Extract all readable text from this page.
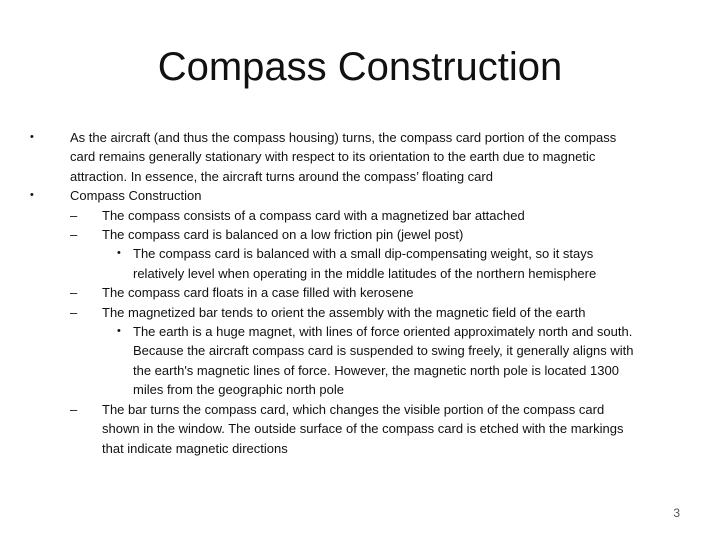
Compass Construction
•	As the aircraft (and thus the compass housing) turns, the compass card portion of the compass card remains generally stationary with respect to its orientation to the earth due to magnetic attraction. In essence, the aircraft turns around the compass’ floating card
•	Compass Construction
–	The compass consists of a compass card with a magnetized bar attached
–	The compass card is balanced on a low friction pin (jewel post)
• The compass card is balanced with a small dip-compensating weight, so it stays relatively level when operating in the middle latitudes of the northern hemisphere
–	The compass card floats in a case filled with kerosene
–	The magnetized bar tends to orient the assembly with the magnetic field of the earth
• The earth is a huge magnet, with lines of force oriented approximately north and south. Because the aircraft compass card is suspended to swing freely, it generally aligns with the earth's magnetic lines of force. However, the magnetic north pole is located 1300 miles from the geographic north pole
–	The bar turns the compass card, which changes the visible portion of the compass card shown in the window. The outside surface of the compass card is etched with the markings that indicate magnetic directions
3
